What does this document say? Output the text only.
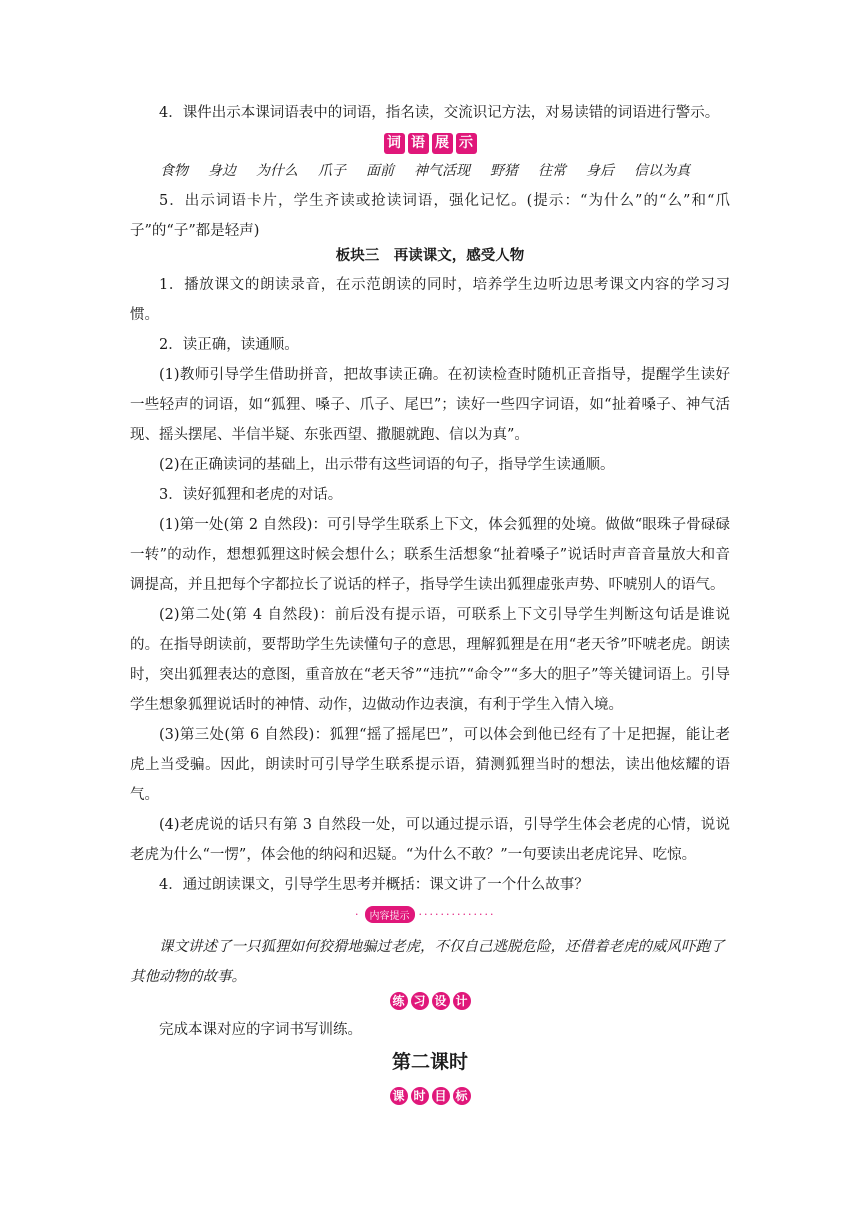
4．课件出示本课词语表中的词语，指名读，交流识记方法，对易读错的词语进行警示。

词 语 展 示
食物 身边 为什么 爪子 面前 神气活现 野猪 往常 身后 信以为真

5．出示词语卡片，学生齐读或抢读词语，强化记忆。(提示：“为什么”的“么”和“爪子”的“子”都是轻声)

板块三　再读课文，感受人物

1．播放课文的朗读录音，在示范朗读的同时，培养学生边听边思考课文内容的学习习惯。

2．读正确，读通顺。

(1)教师引导学生借助拼音，把故事读正确。在初读检查时随机正音指导，提醒学生读好一些轻声的词语，如“狐狸、嗓子、爪子、尾巴”；读好一些四字词语，如“扯着嗓子、神气活现、摇头摆尾、半信半疑、东张西望、撒腿就跑、信以为真”。

(2)在正确读词的基础上，出示带有这些词语的句子，指导学生读通顺。

3．读好狐狸和老虎的对话。

(1)第一处(第 2 自然段)：可引导学生联系上下文，体会狐狸的处境。做做“眼珠子骨碌碌一转”的动作，想想狐狸这时候会想什么；联系生活想象“扯着嗓子”说话时声音音量放大和音调提高，并且把每个字都拉长了说话的样子，指导学生读出狐狸虚张声势、吓唬别人的语气。

(2)第二处(第 4 自然段)：前后没有提示语，可联系上下文引导学生判断这句话是谁说的。在指导朗读前，要帮助学生先读懂句子的意思，理解狐狸是在用“老天爷”吓唬老虎。朗读时，突出狐狸表达的意图，重音放在“老天爷”“违抗”“命令”“多大的胆子”等关键词语上。引导学生想象狐狸说话时的神情、动作，边做动作边表演，有利于学生入情入境。

(3)第三处(第 6 自然段)：狐狸“摇了摇尾巴”，可以体会到他已经有了十足把握，能让老虎上当受骗。因此，朗读时可引导学生联系提示语，猜测狐狸当时的想法，读出他炫耀的语气。

(4)老虎说的话只有第 3 自然段一处，可以通过提示语，引导学生体会老虎的心情，说说老虎为什么“一愣”，体会他的纳闷和迟疑。“为什么不敢？”一句要读出老虎诧异、吃惊。

4．通过朗读课文，引导学生思考并概括：课文讲了一个什么故事？

· 内容提示 ··············
课文讲述了一只狐狸如何狡猾地骗过老虎，不仅自己逃脱危险，还借着老虎的威风吓跑了其他动物的故事。
练 习 设 计

完成本课对应的字词书写训练。

第二课时
课 时 目 标
